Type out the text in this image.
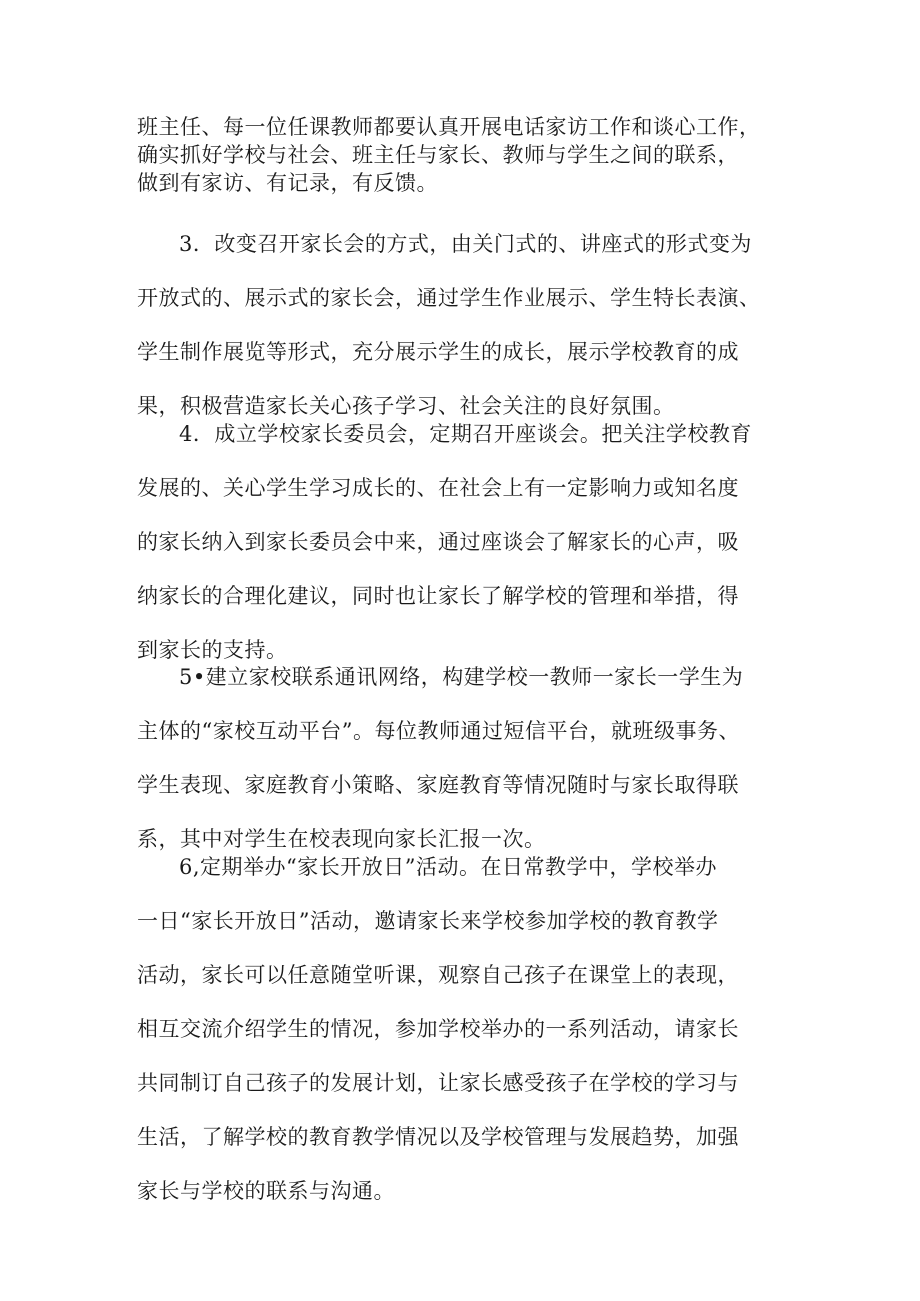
班主任、每一位任课教师都要认真开展电话家访工作和谈心工作，
确实抓好学校与社会、班主任与家长、教师与学生之间的联系，
做到有家访、有记录，有反馈。

3．改变召开家长会的方式，由关门式的、讲座式的形式变为
开放式的、展示式的家长会，通过学生作业展示、学生特长表演、
学生制作展览等形式，充分展示学生的成长，展示学校教育的成
果，积极营造家长关心孩子学习、社会关注的良好氛围。

4．成立学校家长委员会，定期召开座谈会。把关注学校教育
发展的、关心学生学习成长的、在社会上有一定影响力或知名度
的家长纳入到家长委员会中来，通过座谈会了解家长的心声，吸
纳家长的合理化建议，同时也让家长了解学校的管理和举措，得
到家长的支持。

5•建立家校联系通讯网络，构建学校一教师一家长一学生为
主体的“家校互动平台”。每位教师通过短信平台，就班级事务、
学生表现、家庭教育小策略、家庭教育等情况随时与家长取得联
系，其中对学生在校表现向家长汇报一次。

6,定期举办“家长开放日”活动。在日常教学中，学校举办
一日“家长开放日”活动，邀请家长来学校参加学校的教育教学
活动，家长可以任意随堂听课，观察自己孩子在课堂上的表现，
相互交流介绍学生的情况，参加学校举办的一系列活动，请家长
共同制订自己孩子的发展计划，让家长感受孩子在学校的学习与
生活，了解学校的教育教学情况以及学校管理与发展趋势，加强
家长与学校的联系与沟通。
